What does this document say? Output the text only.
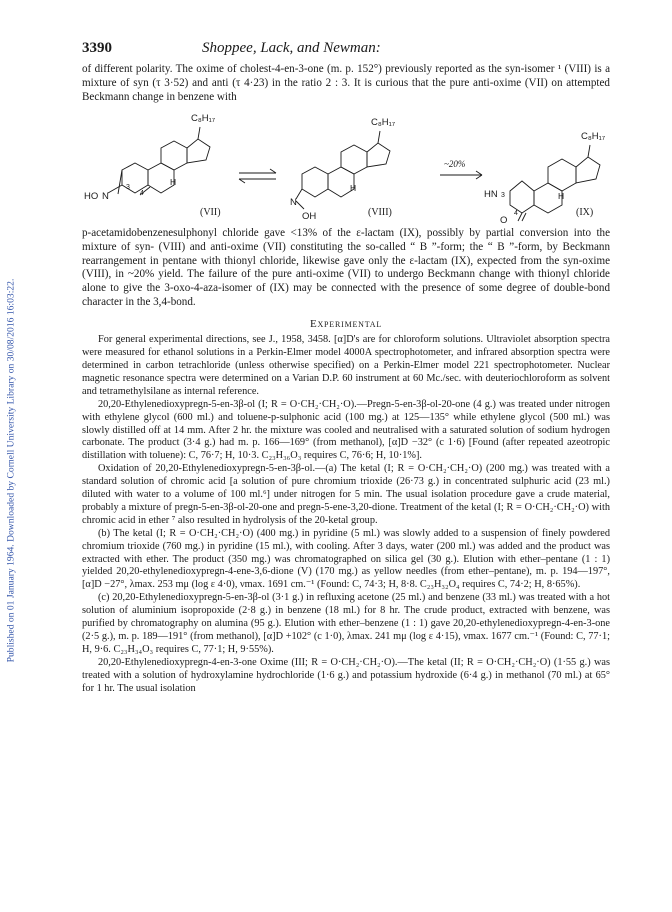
Published on 01 January 1964. Downloaded by Cornell University Library on 30/08/2016 16:03:22.
3390	Shoppee, Lack, and Newman:

of different polarity. The oxime of cholest-4-en-3-one (m. p. 152°) previously reported as the syn-isomer ¹ (VIII) is a mixture of syn (τ 3·52) and anti (τ 4·23) in the ratio 2 : 3. It is curious that the pure anti-oxime (VII) on attempted Beckmann change in benzene with

C₈H₁₇	C₈H₁₇
C₈H₁₇
HO N
3
4
H
N
OH
H
HN 3
4
O
H
~20%
(VII)	(VIII)	(IX)

p-acetamidobenzenesulphonyl chloride gave <13% of the ε-lactam (IX), possibly by partial conversion into the mixture of syn- (VIII) and anti-oxime (VII) constituting the so-called “ B ”-form; the “ B ”-form, by Beckmann rearrangement in pentane with thionyl chloride, likewise gave only the ε-lactam (IX), expected from the syn-oxime (VIII), in ~20% yield. The failure of the pure anti-oxime (VII) to undergo Beckmann change with thionyl chloride alone to give the 3-oxo-4-aza-isomer of (IX) may be connected with the presence of some degree of double-bond character in the 3,4-bond.

Experimental

For general experimental directions, see J., 1958, 3458. [α]D's are for chloroform solutions. Ultraviolet absorption spectra were measured for ethanol solutions in a Perkin-Elmer model 4000A spectrophotometer, and infrared absorption spectra were determined in carbon tetrachloride (unless otherwise specified) on a Perkin-Elmer model 221 spectrophotometer. Nuclear magnetic resonance spectra were determined on a Varian D.P. 60 instrument at 60 Mc./sec. with deuteriochloroform as solvent and tetramethylsilane as internal reference.

20,20-Ethylenedioxypregn-5-en-3β-ol (I; R = O·CH₂·CH₂·O).—Pregn-5-en-3β-ol-20-one (4 g.) was treated under nitrogen with ethylene glycol (600 ml.) and toluene-p-sulphonic acid (100 mg.) at 125—135° while ethylene glycol (500 ml.) was slowly distilled off at 14 mm. After 2 hr. the mixture was cooled and neutralised with a saturated solution of sodium hydrogen carbonate. The product (3·4 g.) had m. p. 166—169° (from methanol), [α]D −32° (c 1·6) [Found (after repeated azeotropic distillation with toluene): C, 76·7; H, 10·3. C₂₃H₃₆O₃ requires C, 76·6; H, 10·1%].

Oxidation of 20,20-Ethylenedioxypregn-5-en-3β-ol.—(a) The ketal (I; R = O·CH₂·CH₂·O) (200 mg.) was treated with a standard solution of chromic acid [a solution of pure chromium trioxide (26·73 g.) in concentrated sulphuric acid (23 ml.) diluted with water to a volume of 100 ml.⁶] under nitrogen for 5 min. The usual isolation procedure gave a crude material, probably a mixture of pregn-5-en-3β-ol-20-one and pregn-5-ene-3,20-dione. Treatment of the ketal (I; R = O·CH₂·CH₂·O) with chromic acid in ether ⁷ also resulted in hydrolysis of the 20-ketal group.

(b) The ketal (I; R = O·CH₂·CH₂·O) (400 mg.) in pyridine (5 ml.) was slowly added to a suspension of finely powdered chromium trioxide (760 mg.) in pyridine (15 ml.), with cooling. After 3 days, water (200 ml.) was added and the product was extracted with ether. The product (350 mg.) was chromatographed on silica gel (30 g.). Elution with ether–pentane (1 : 1) yielded 20,20-ethylenedioxypregn-4-ene-3,6-dione (V) (170 mg.) as yellow needles (from ether–pentane), m. p. 194—197°, [α]D −27°, λmax. 253 mμ (log ε 4·0), νmax. 1691 cm.⁻¹ (Found: C, 74·3; H, 8·8. C₂₃H₃₂O₄ requires C, 74·2; H, 8·65%).

(c) 20,20-Ethylenedioxypregn-5-en-3β-ol (3·1 g.) in refluxing acetone (25 ml.) and benzene (33 ml.) was treated with a hot solution of aluminium isopropoxide (2·8 g.) in benzene (18 ml.) for 8 hr. The crude product, extracted with benzene, was purified by chromatography on alumina (95 g.). Elution with ether–benzene (1 : 1) gave 20,20-ethylenedioxypregn-4-en-3-one (2·5 g.), m. p. 189—191° (from methanol), [α]D +102° (c 1·0), λmax. 241 mμ (log ε 4·15), νmax. 1677 cm.⁻¹ (Found: C, 77·1; H, 9·6. C₂₃H₃₄O₃ requires C, 77·1; H, 9·55%).

20,20-Ethylenedioxypregn-4-en-3-one Oxime (III; R = O·CH₂·CH₂·O).—The ketal (II; R = O·CH₂·CH₂·O) (1·55 g.) was treated with a solution of hydroxylamine hydrochloride (1·6 g.) and potassium hydroxide (6·4 g.) in methanol (70 ml.) at 65° for 1 hr. The usual isolation
